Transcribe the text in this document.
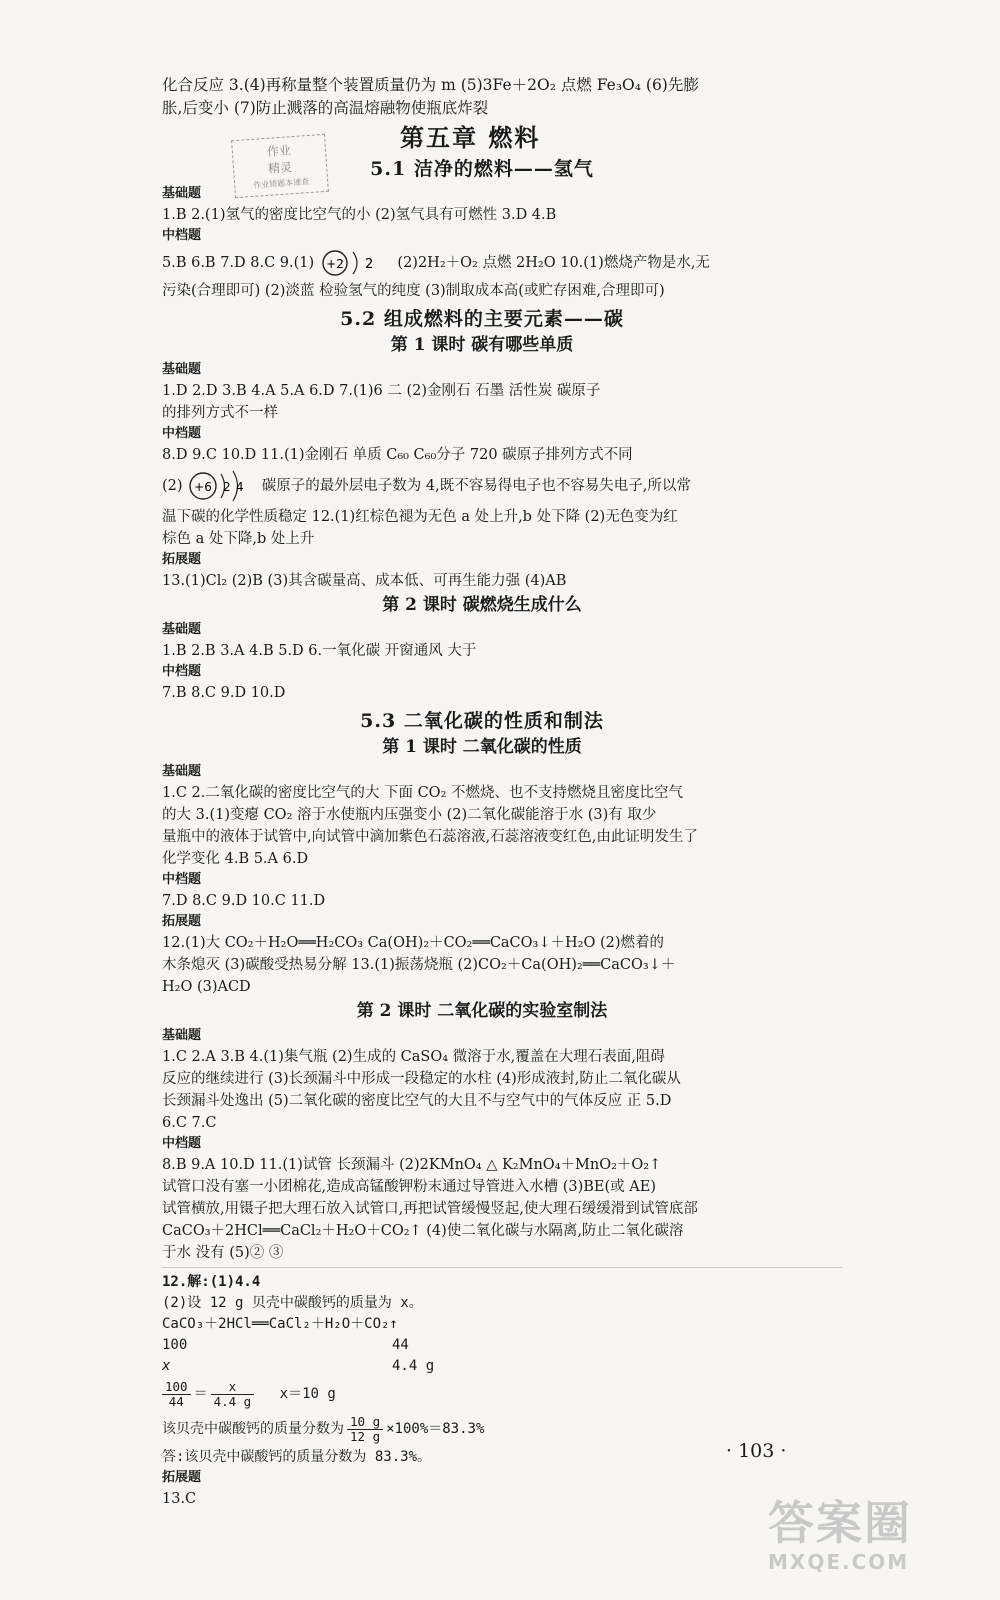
化合反应 3.(4)再称量整个装置质量仍为 m (5)3Fe＋2O₂ 点燃 Fe₃O₄ (6)先膨
胀,后变小 (7)防止溅落的高温熔融物使瓶底炸裂
作业
精灵
作业错题本速查
第五章 燃料
5.1 洁净的燃料——氢气
基础题
1.B 2.(1)氢气的密度比空气的小 (2)氢气具有可燃性 3.D 4.B
中档题
5.B 6.B 7.D 8.C 9.(1) +2 2 (2)2H₂＋O₂ 点燃 2H₂O 10.(1)燃烧产物是水,无
污染(合理即可) (2)淡蓝 检验氢气的纯度 (3)制取成本高(或贮存困难,合理即可)
5.2 组成燃料的主要元素——碳
第 1 课时 碳有哪些单质
基础题
1.D 2.D 3.B 4.A 5.A 6.D 7.(1)6 二 (2)金刚石 石墨 活性炭 碳原子
的排列方式不一样
中档题
8.D 9.C 10.D 11.(1)金刚石 单质 C₆₀ C₆₀分子 720 碳原子排列方式不同
(2) +6 2 4 碳原子的最外层电子数为 4,既不容易得电子也不容易失电子,所以常
温下碳的化学性质稳定 12.(1)红棕色褪为无色 a 处上升,b 处下降 (2)无色变为红
棕色 a 处下降,b 处上升
拓展题
13.(1)Cl₂ (2)B (3)其含碳量高、成本低、可再生能力强 (4)AB
第 2 课时 碳燃烧生成什么
基础题
1.B 2.B 3.A 4.B 5.D 6.一氧化碳 开窗通风 大于
中档题
7.B 8.C 9.D 10.D
5.3 二氧化碳的性质和制法
第 1 课时 二氧化碳的性质
基础题
1.C 2.二氧化碳的密度比空气的大 下面 CO₂ 不燃烧、也不支持燃烧且密度比空气
的大 3.(1)变瘪 CO₂ 溶于水使瓶内压强变小 (2)二氧化碳能溶于水 (3)有 取少
量瓶中的液体于试管中,向试管中滴加紫色石蕊溶液,石蕊溶液变红色,由此证明发生了
化学变化 4.B 5.A 6.D
中档题
7.D 8.C 9.D 10.C 11.D
拓展题
12.(1)大 CO₂＋H₂O══H₂CO₃ Ca(OH)₂＋CO₂══CaCO₃↓＋H₂O (2)燃着的
木条熄灭 (3)碳酸受热易分解 13.(1)振荡烧瓶 (2)CO₂＋Ca(OH)₂══CaCO₃↓＋
H₂O (3)ACD
第 2 课时 二氧化碳的实验室制法
基础题
1.C 2.A 3.B 4.(1)集气瓶 (2)生成的 CaSO₄ 微溶于水,覆盖在大理石表面,阻碍
反应的继续进行 (3)长颈漏斗中形成一段稳定的水柱 (4)形成液封,防止二氧化碳从
长颈漏斗处逸出 (5)二氧化碳的密度比空气的大且不与空气中的气体反应 正 5.D
6.C 7.C
中档题
8.B 9.A 10.D 11.(1)试管 长颈漏斗 (2)2KMnO₄ △ K₂MnO₄＋MnO₂＋O₂↑
试管口没有塞一小团棉花,造成高锰酸钾粉末通过导管进入水槽 (3)BE(或 AE)
试管横放,用镊子把大理石放入试管口,再把试管缓慢竖起,使大理石缓缓滑到试管底部
CaCO₃＋2HCl══CaCl₂＋H₂O＋CO₂↑ (4)使二氧化碳与水隔离,防止二氧化碳溶
于水 没有 (5)② ③
12.解:(1)4.4
(2)设 12 g 贝壳中碳酸钙的质量为 x。
CaCO₃＋2HCl══CaCl₂＋H₂O＋CO₂↑
100	44
x	4.4 g
$\frac{100}{44} = \frac{x}{4.4 g} x=10$ g
该贝壳中碳酸钙的质量分数为 $\frac{10 g}{12 g} \times 100\%=83.3\%$
答:该贝壳中碳酸钙的质量分数为 83.3%。
拓展题
13.C
· 103 ·
答案圈
MXQE.COM
